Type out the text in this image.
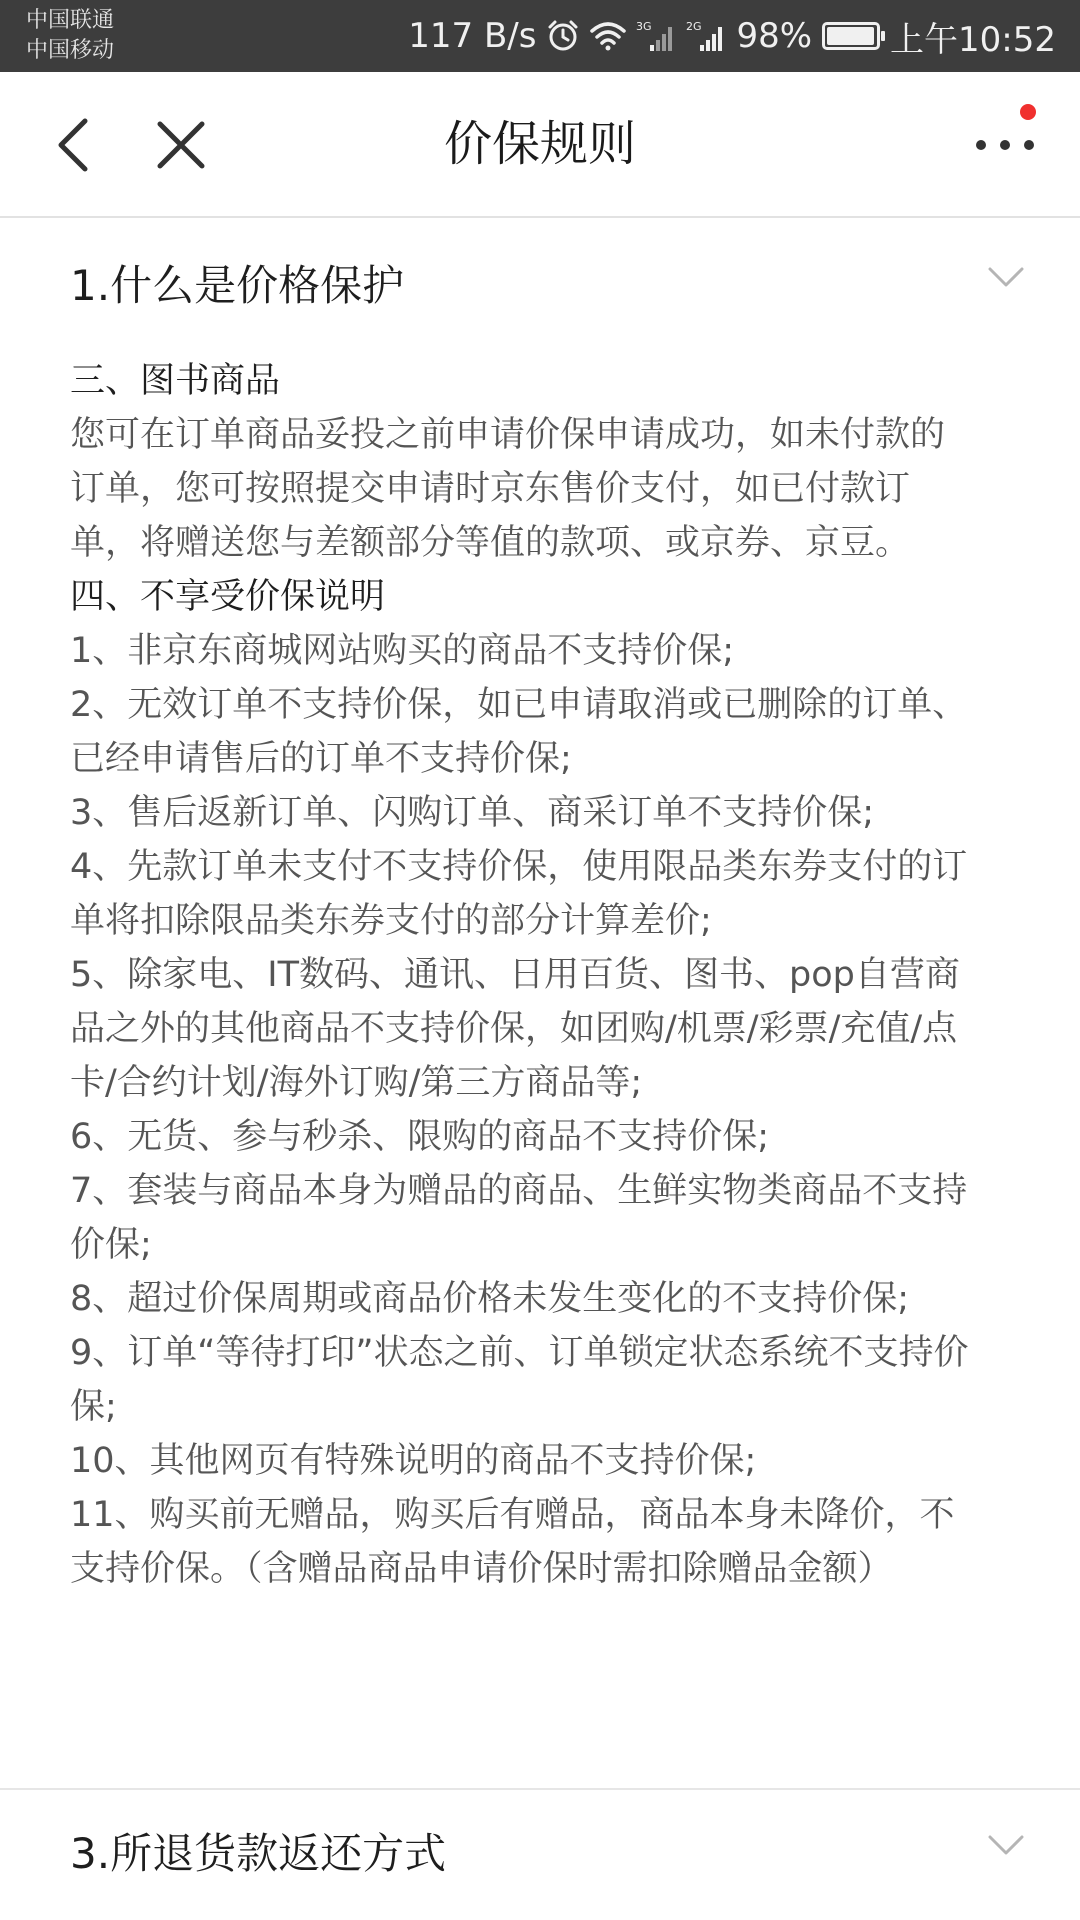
中国联通
中国移动	117 B/s	3G	2G 98% 上午10:52
价保规则
1.什么是价格保护

三、图书商品

您可在订单商品妥投之前申请价保申请成功，如未付款的订单，您可按照提交申请时京东售价支付，如已付款订单，将赠送您与差额部分等值的款项、或京券、京豆。

四、不享受价保说明

1、非京东商城网站购买的商品不支持价保;

2、无效订单不支持价保，如已申请取消或已删除的订单、已经申请售后的订单不支持价保;

3、售后返新订单、闪购订单、商采订单不支持价保;

4、先款订单未支付不支持价保，使用限品类东券支付的订单将扣除限品类东券支付的部分计算差价;

5、除家电、IT数码、通讯、日用百货、图书、pop自营商品之外的其他商品不支持价保，如团购/机票/彩票/充值/点卡/合约计划/海外订购/第三方商品等;

6、无货、参与秒杀、限购的商品不支持价保;

7、套装与商品本身为赠品的商品、生鲜实物类商品不支持价保;

8、超过价保周期或商品价格未发生变化的不支持价保;

9、订单“等待打印”状态之前、订单锁定状态系统不支持价保;

10、其他网页有特殊说明的商品不支持价保;

11、购买前无赠品，购买后有赠品，商品本身未降价，不支持价保。（含赠品商品申请价保时需扣除赠品金额）

3.所退货款返还方式
